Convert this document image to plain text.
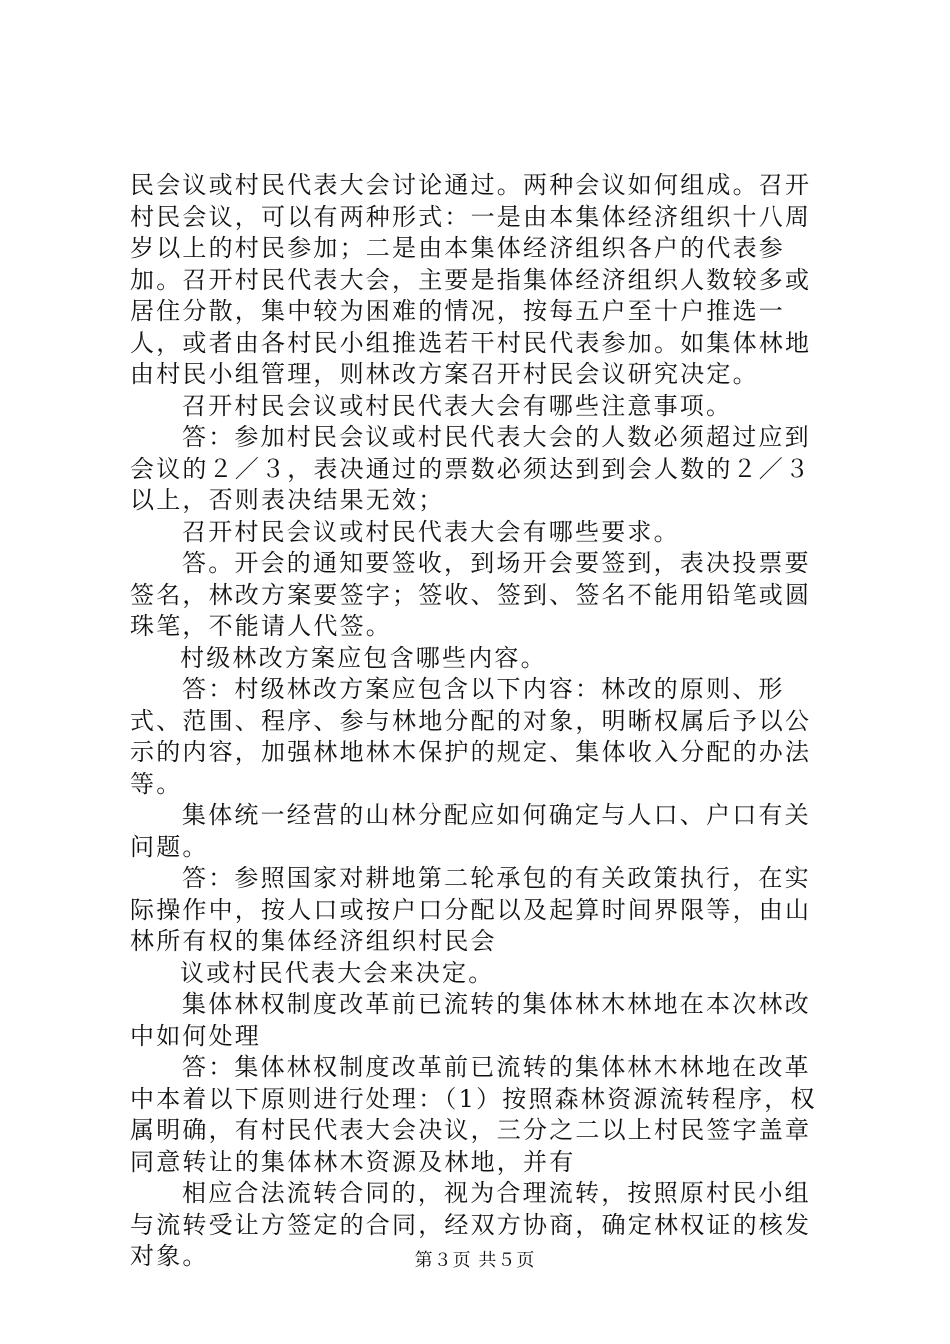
民会议或村民代表大会讨论通过。两种会议如何组成。召开村民会议，可以有两种形式：一是由本集体经济组织十八周岁以上的村民参加；二是由本集体经济组织各户的代表参加。召开村民代表大会，主要是指集体经济组织人数较多或居住分散，集中较为困难的情况，按每五户至十户推选一人，或者由各村民小组推选若干村民代表参加。如集体林地由村民小组管理，则林改方案召开村民会议研究决定。

召开村民会议或村民代表大会有哪些注意事项。

答：参加村民会议或村民代表大会的人数必须超过应到会议的２／３，表决通过的票数必须达到到会人数的２／３以上，否则表决结果无效；

召开村民会议或村民代表大会有哪些要求。

答。开会的通知要签收，到场开会要签到，表决投票要签名，林改方案要签字；签收、签到、签名不能用铅笔或圆珠笔，不能请人代签。

村级林改方案应包含哪些内容。

答：村级林改方案应包含以下内容：林改的原则、形式、范围、程序、参与林地分配的对象，明晰权属后予以公示的内容，加强林地林木保护的规定、集体收入分配的办法等。

集体统一经营的山林分配应如何确定与人口、户口有关问题。

答：参照国家对耕地第二轮承包的有关政策执行，在实际操作中，按人口或按户口分配以及起算时间界限等，由山林所有权的集体经济组织村民会

议或村民代表大会来决定。

集体林权制度改革前已流转的集体林木林地在本次林改中如何处理

答：集体林权制度改革前已流转的集体林木林地在改革中本着以下原则进行处理：（1）按照森林资源流转程序，权属明确，有村民代表大会决议，三分之二以上村民签字盖章同意转让的集体林木资源及林地，并有

相应合法流转合同的，视为合理流转，按照原村民小组与流转受让方签定的合同，经双方协商，确定林权证的核发对象。	第３页 共５页
